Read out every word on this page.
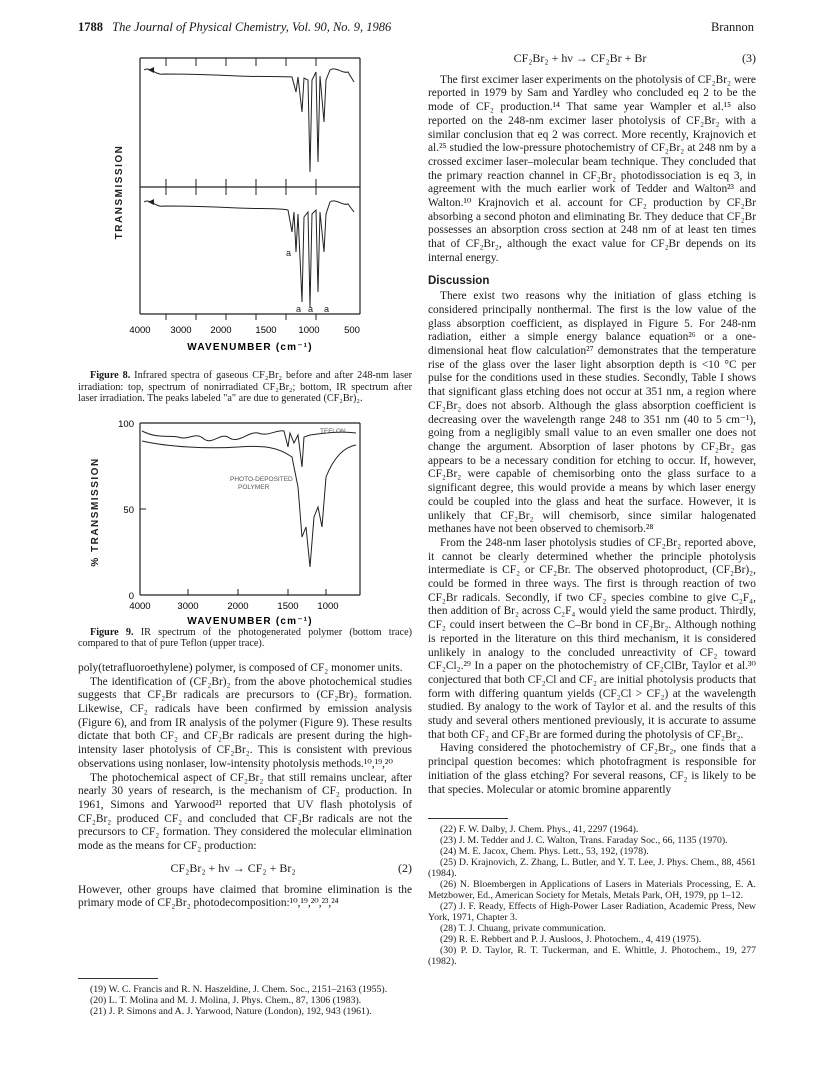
1788 The Journal of Physical Chemistry, Vol. 90, No. 9, 1986	Brannon
a
a a a
TRANSMISSION
4000 3000 2000	1500 1000	500
WAVENUMBER (cm⁻¹)

Figure 8. Infrared spectra of gaseous CF₂Br₂ before and after 248-nm laser irradiation: top, spectrum of nonirradiated CF₂Br₂; bottom, IR spectrum after laser irradiation. The peaks labeled "a" are due to generated (CF₂Br)₂.

TEFLON
PHOTO-DEPOSITED
POLYMER
100
50
0
% TRANSMISSION
4000	3000	2000	1500 1000
WAVENUMBER (cm⁻¹)

Figure 9. IR spectrum of the photogenerated polymer (bottom trace) compared to that of pure Teflon (upper trace).

poly(tetrafluoroethylene) polymer, is composed of CF₂ monomer units.

The identification of (CF₂Br)₂ from the above photochemical studies suggests that CF₂Br radicals are precursors to (CF₂Br)₂ formation. Likewise, CF₂ radicals have been confirmed by emission analysis (Figure 6), and from IR analysis of the polymer (Figure 9). These results dictate that both CF₂ and CF₂Br radicals are present during the high-intensity laser photolysis of CF₂Br₂. This is consistent with previous observations using nonlaser, low-intensity photolysis methods.¹⁰,¹⁹,²⁰

The photochemical aspect of CF₂Br₂ that still remains unclear, after nearly 30 years of research, is the mechanism of CF₂ production. In 1961, Simons and Yarwood²¹ reported that UV flash photolysis of CF₂Br₂ produced CF₂ and concluded that CF₂Br radicals are not the precursors to CF₂ formation. They considered the molecular elimination mode as the means for CF₂ production:

CF₂Br₂ + hν → CF₂ + Br₂	(2)

However, other groups have claimed that bromine elimination is the primary mode of CF₂Br₂ photodecomposition:¹⁰,¹⁹,²⁰,²³,²⁴

(19) W. C. Francis and R. N. Haszeldine, J. Chem. Soc., 2151–2163 (1955).
(20) L. T. Molina and M. J. Molina, J. Phys. Chem., 87, 1306 (1983).
(21) J. P. Simons and A. J. Yarwood, Nature (London), 192, 943 (1961).
CF₂Br₂ + hν → CF₂Br + Br	(3)

The first excimer laser experiments on the photolysis of CF₂Br₂ were reported in 1979 by Sam and Yardley who concluded eq 2 to be the mode of CF₂ production.¹⁴ That same year Wampler et al.¹⁵ also reported on the 248-nm excimer laser photolysis of CF₂Br₂ with a similar conclusion that eq 2 was correct. More recently, Krajnovich et al.²⁵ studied the low-pressure photochemistry of CF₂Br₂ at 248 nm by a crossed excimer laser–molecular beam technique. They concluded that the primary reaction channel in CF₂Br₂ photodissociation is eq 3, in agreement with the much earlier work of Tedder and Walton²³ and Walton.¹⁰ Krajnovich et al. account for CF₂ production by CF₂Br absorbing a second photon and eliminating Br. They deduce that CF₂Br possesses an absorption cross section at 248 nm of at least ten times that of CF₂Br₂, although the exact value for CF₂Br depends on its internal energy.

Discussion

There exist two reasons why the initiation of glass etching is considered principally nonthermal. The first is the low value of the glass absorption coefficient, as displayed in Figure 5. For 248-nm radiation, either a simple energy balance equation²⁶ or a one-dimensional heat flow calculation²⁷ demonstrates that the temperature rise of the glass over the laser light absorption depth is <10 °C per pulse for the conditions used in these studies. Secondly, Table I shows that significant glass etching does not occur at 351 nm, a region where CF₂Br₂ does not absorb. Although the glass absorption coefficient is decreasing over the wavelength range 248 to 351 nm (40 to 5 cm⁻¹), going from a negligibly small value to an even smaller one does not change the argument. Absorption of laser photons by CF₂Br₂ gas appears to be a necessary condition for etching to occur. If, however, CF₂Br₂ were capable of chemisorbing onto the glass surface to a significant degree, this would provide a means by which laser energy could be coupled into the glass and heat the surface. However, it is unlikely that CF₂Br₂ will chemisorb, since similar halogenated methanes have not been observed to chemisorb.²⁸

From the 248-nm laser photolysis studies of CF₂Br₂ reported above, it cannot be clearly determined whether the principle photolysis intermediate is CF₂ or CF₂Br. The observed photoproduct, (CF₂Br)₂, could be formed in three ways. The first is through reaction of two CF₂Br radicals. Secondly, if two CF₂ species combine to give C₂F₄, then addition of Br₂ across C₂F₄ would yield the same product. Thirdly, CF₂ could insert between the C–Br bond in CF₂Br₂. Although nothing is reported in the literature on this third mechanism, it is considered unlikely in analogy to the concluded unreactivity of CF₂ toward CF₂Cl₂.²⁹ In a paper on the photochemistry of CF₂ClBr, Taylor et al.³⁰ conjectured that both CF₂Cl and CF₂ are initial photolysis products that form with differing quantum yields (CF₂Cl > CF₂) at the wavelength studied. By analogy to the work of Taylor et al. and the results of this study and several others mentioned previously, it is accurate to assume that both CF₂ and CF₂Br are formed during the photolysis of CF₂Br₂.

Having considered the photochemistry of CF₂Br₂, one finds that a principal question becomes: which photofragment is responsible for initiation of the glass etching? For several reasons, CF₂ is likely to be that species. Molecular or atomic bromine apparently

(22) F. W. Dalby, J. Chem. Phys., 41, 2297 (1964).
(23) J. M. Tedder and J. C. Walton, Trans. Faraday Soc., 66, 1135 (1970).
(24) M. E. Jacox, Chem. Phys. Lett., 53, 192, (1978).
(25) D. Krajnovich, Z. Zhang, L. Butler, and Y. T. Lee, J. Phys. Chem., 88, 4561 (1984).
(26) N. Bloembergen in Applications of Lasers in Materials Processing, E. A. Metzbower, Ed., American Society for Metals, Metals Park, OH, 1979, pp 1–12.
(27) J. F. Ready, Effects of High-Power Laser Radiation, Academic Press, New York, 1971, Chapter 3.
(28) T. J. Chuang, private communication.
(29) R. E. Rebbert and P. J. Ausloos, J. Photochem., 4, 419 (1975).
(30) P. D. Taylor, R. T. Tuckerman, and E. Whittle, J. Photochem., 19, 277 (1982).
